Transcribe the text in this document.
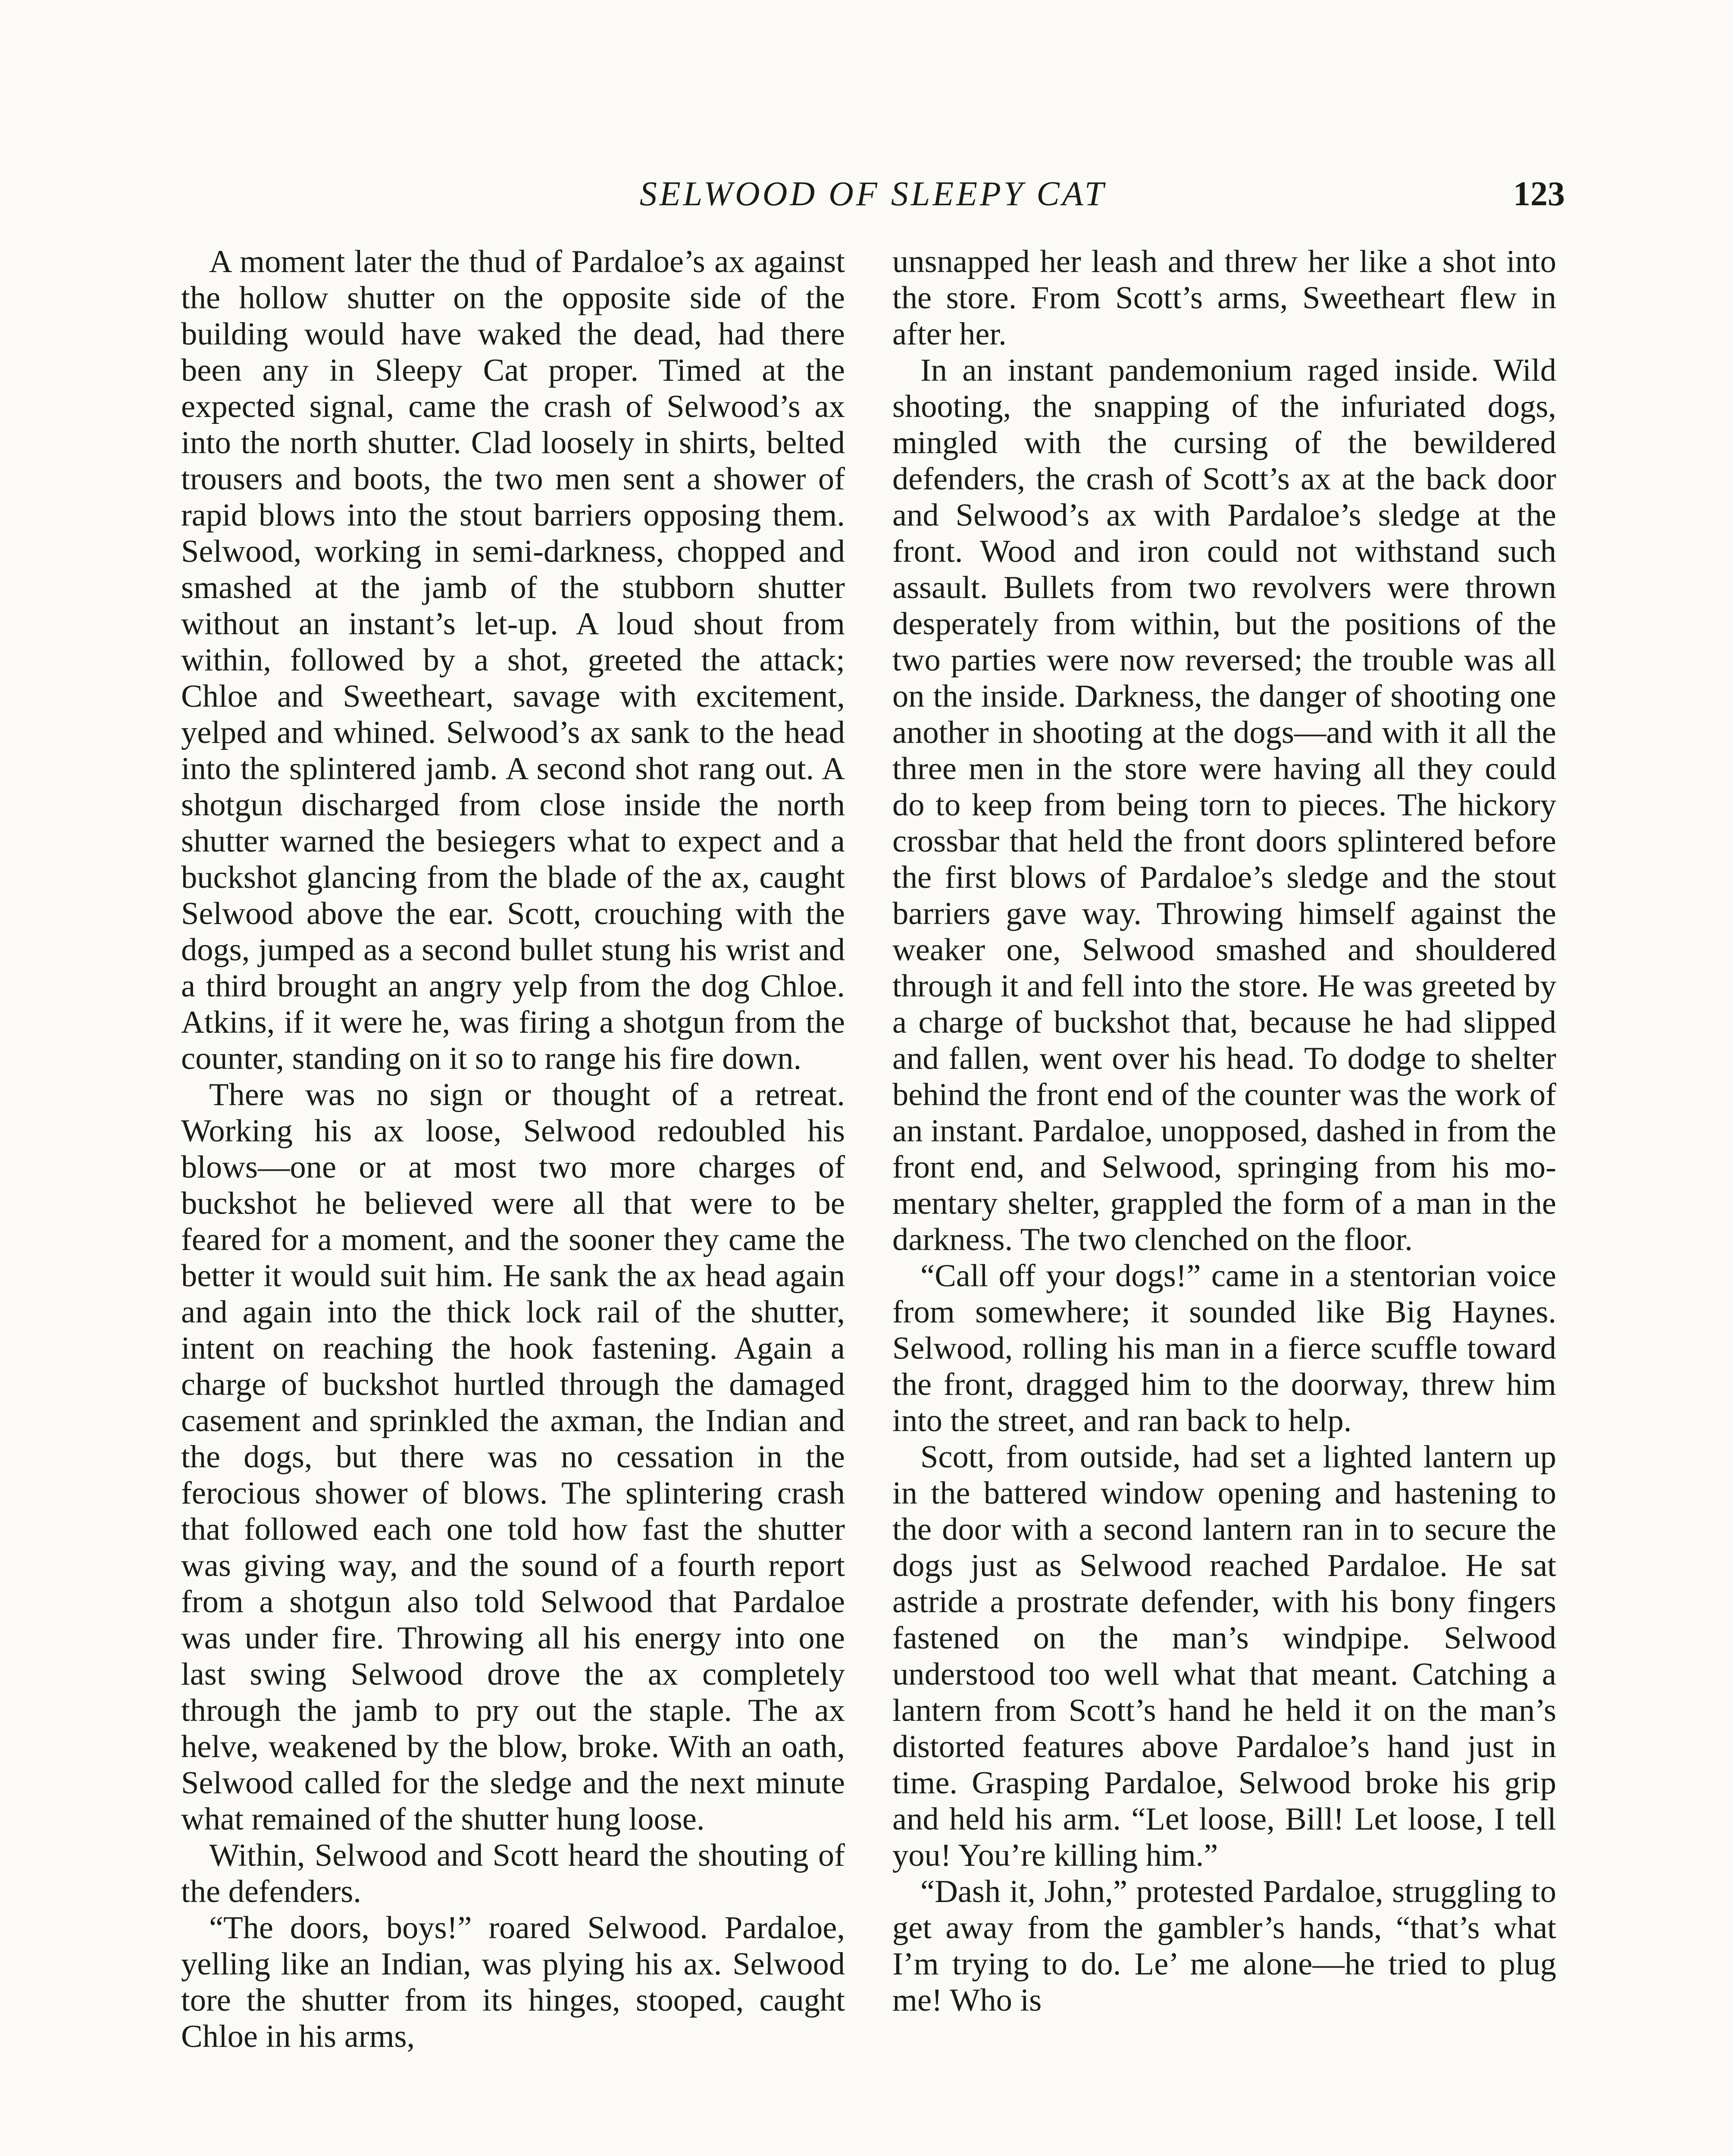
SELWOOD OF SLEEPY CAT	123

A moment later the thud of Pardaloe’s ax against the hollow shutter on the opposite side of the building would have waked the dead, had there been any in Sleepy Cat proper. Timed at the expected signal, came the crash of Selwood’s ax into the north shutter. Clad loosely in shirts, belted trousers and boots, the two men sent a shower of rapid blows into the stout barriers opposing them. Selwood, working in semi-darkness, chopped and smashed at the jamb of the stubborn shutter without an instant’s let-up. A loud shout from within, followed by a shot, greeted the attack; Chloe and Sweetheart, savage with excitement, yelped and whined. Selwood’s ax sank to the head into the splintered jamb. A second shot rang out. A shotgun discharged from close inside the north shutter warned the besiegers what to expect and a buckshot glancing from the blade of the ax, caught Selwood above the ear. Scott, crouching with the dogs, jumped as a second bullet stung his wrist and a third brought an angry yelp from the dog Chloe. Atkins, if it were he, was firing a shotgun from the counter, standing on it so to range his fire down.

There was no sign or thought of a retreat. Working his ax loose, Selwood redoubled his blows—one or at most two more charges of buckshot he believed were all that were to be feared for a moment, and the sooner they came the better it would suit him. He sank the ax head again and again into the thick lock rail of the shutter, intent on reaching the hook fastening. Again a charge of buckshot hurtled through the damaged casement and sprinkled the axman, the Indian and the dogs, but there was no cessation in the ferocious shower of blows. The splintering crash that followed each one told how fast the shutter was giving way, and the sound of a fourth report from a shotgun also told Selwood that Pardaloe was under fire. Throwing all his energy into one last swing Selwood drove the ax completely through the jamb to pry out the staple. The ax helve, weakened by the blow, broke. With an oath, Selwood called for the sledge and the next minute what remained of the shutter hung loose.

Within, Selwood and Scott heard the shouting of the defenders.

“The doors, boys!” roared Selwood. Pardaloe, yelling like an Indian, was plying his ax. Selwood tore the shutter from its hinges, stooped, caught Chloe in his arms,

unsnapped her leash and threw her like a shot into the store. From Scott’s arms, Sweetheart flew in after her.

In an instant pandemonium raged inside. Wild shooting, the snapping of the infuriated dogs, mingled with the cursing of the bewildered defenders, the crash of Scott’s ax at the back door and Selwood’s ax with Pardaloe’s sledge at the front. Wood and iron could not withstand such assault. Bullets from two revolvers were thrown desperately from within, but the positions of the two parties were now reversed; the trouble was all on the inside. Darkness, the danger of shooting one another in shooting at the dogs—and with it all the three men in the store were having all they could do to keep from being torn to pieces. The hickory crossbar that held the front doors splintered before the first blows of Pardaloe’s sledge and the stout barriers gave way. Throwing himself against the weaker one, Selwood smashed and shouldered through it and fell into the store. He was greeted by a charge of buckshot that, because he had slipped and fallen, went over his head. To dodge to shelter behind the front end of the counter was the work of an instant. Pardaloe, unopposed, dashed in from the front end, and Selwood, springing from his momentary shelter, grappled the form of a man in the darkness. The two clenched on the floor.

“Call off your dogs!” came in a stentorian voice from somewhere; it sounded like Big Haynes. Selwood, rolling his man in a fierce scuffle toward the front, dragged him to the doorway, threw him into the street, and ran back to help.

Scott, from outside, had set a lighted lantern up in the battered window opening and hastening to the door with a second lantern ran in to secure the dogs just as Selwood reached Pardaloe. He sat astride a prostrate defender, with his bony fingers fastened on the man’s windpipe. Selwood understood too well what that meant. Catching a lantern from Scott’s hand he held it on the man’s distorted features above Pardaloe’s hand just in time. Grasping Pardaloe, Selwood broke his grip and held his arm. “Let loose, Bill! Let loose, I tell you! You’re killing him.”

“Dash it, John,” protested Pardaloe, struggling to get away from the gambler’s hands, “that’s what I’m trying to do. Le’ me alone—he tried to plug me! Who is
